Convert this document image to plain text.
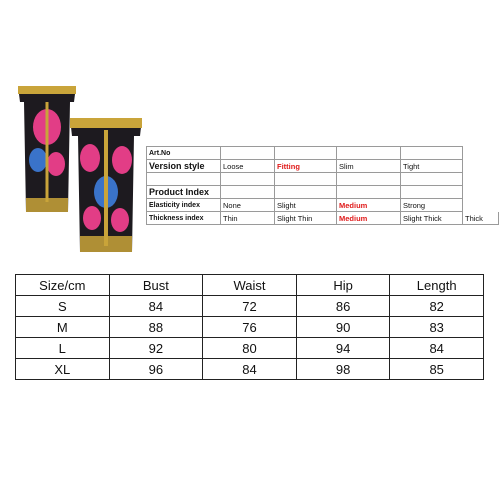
Art.No					
Version style	Loose	Fitting	Slim	Tight	

Product Index					
Elasticity index	None	Slight	Medium	Strong	
Thickness index	Thin	Slight Thin	Medium	Slight Thick	Thick
Size/cm	Bust	Waist	Hip	Length
S	84	72	86	82
M	88	76	90	83
L	92	80	94	84
XL	96	84	98	85
